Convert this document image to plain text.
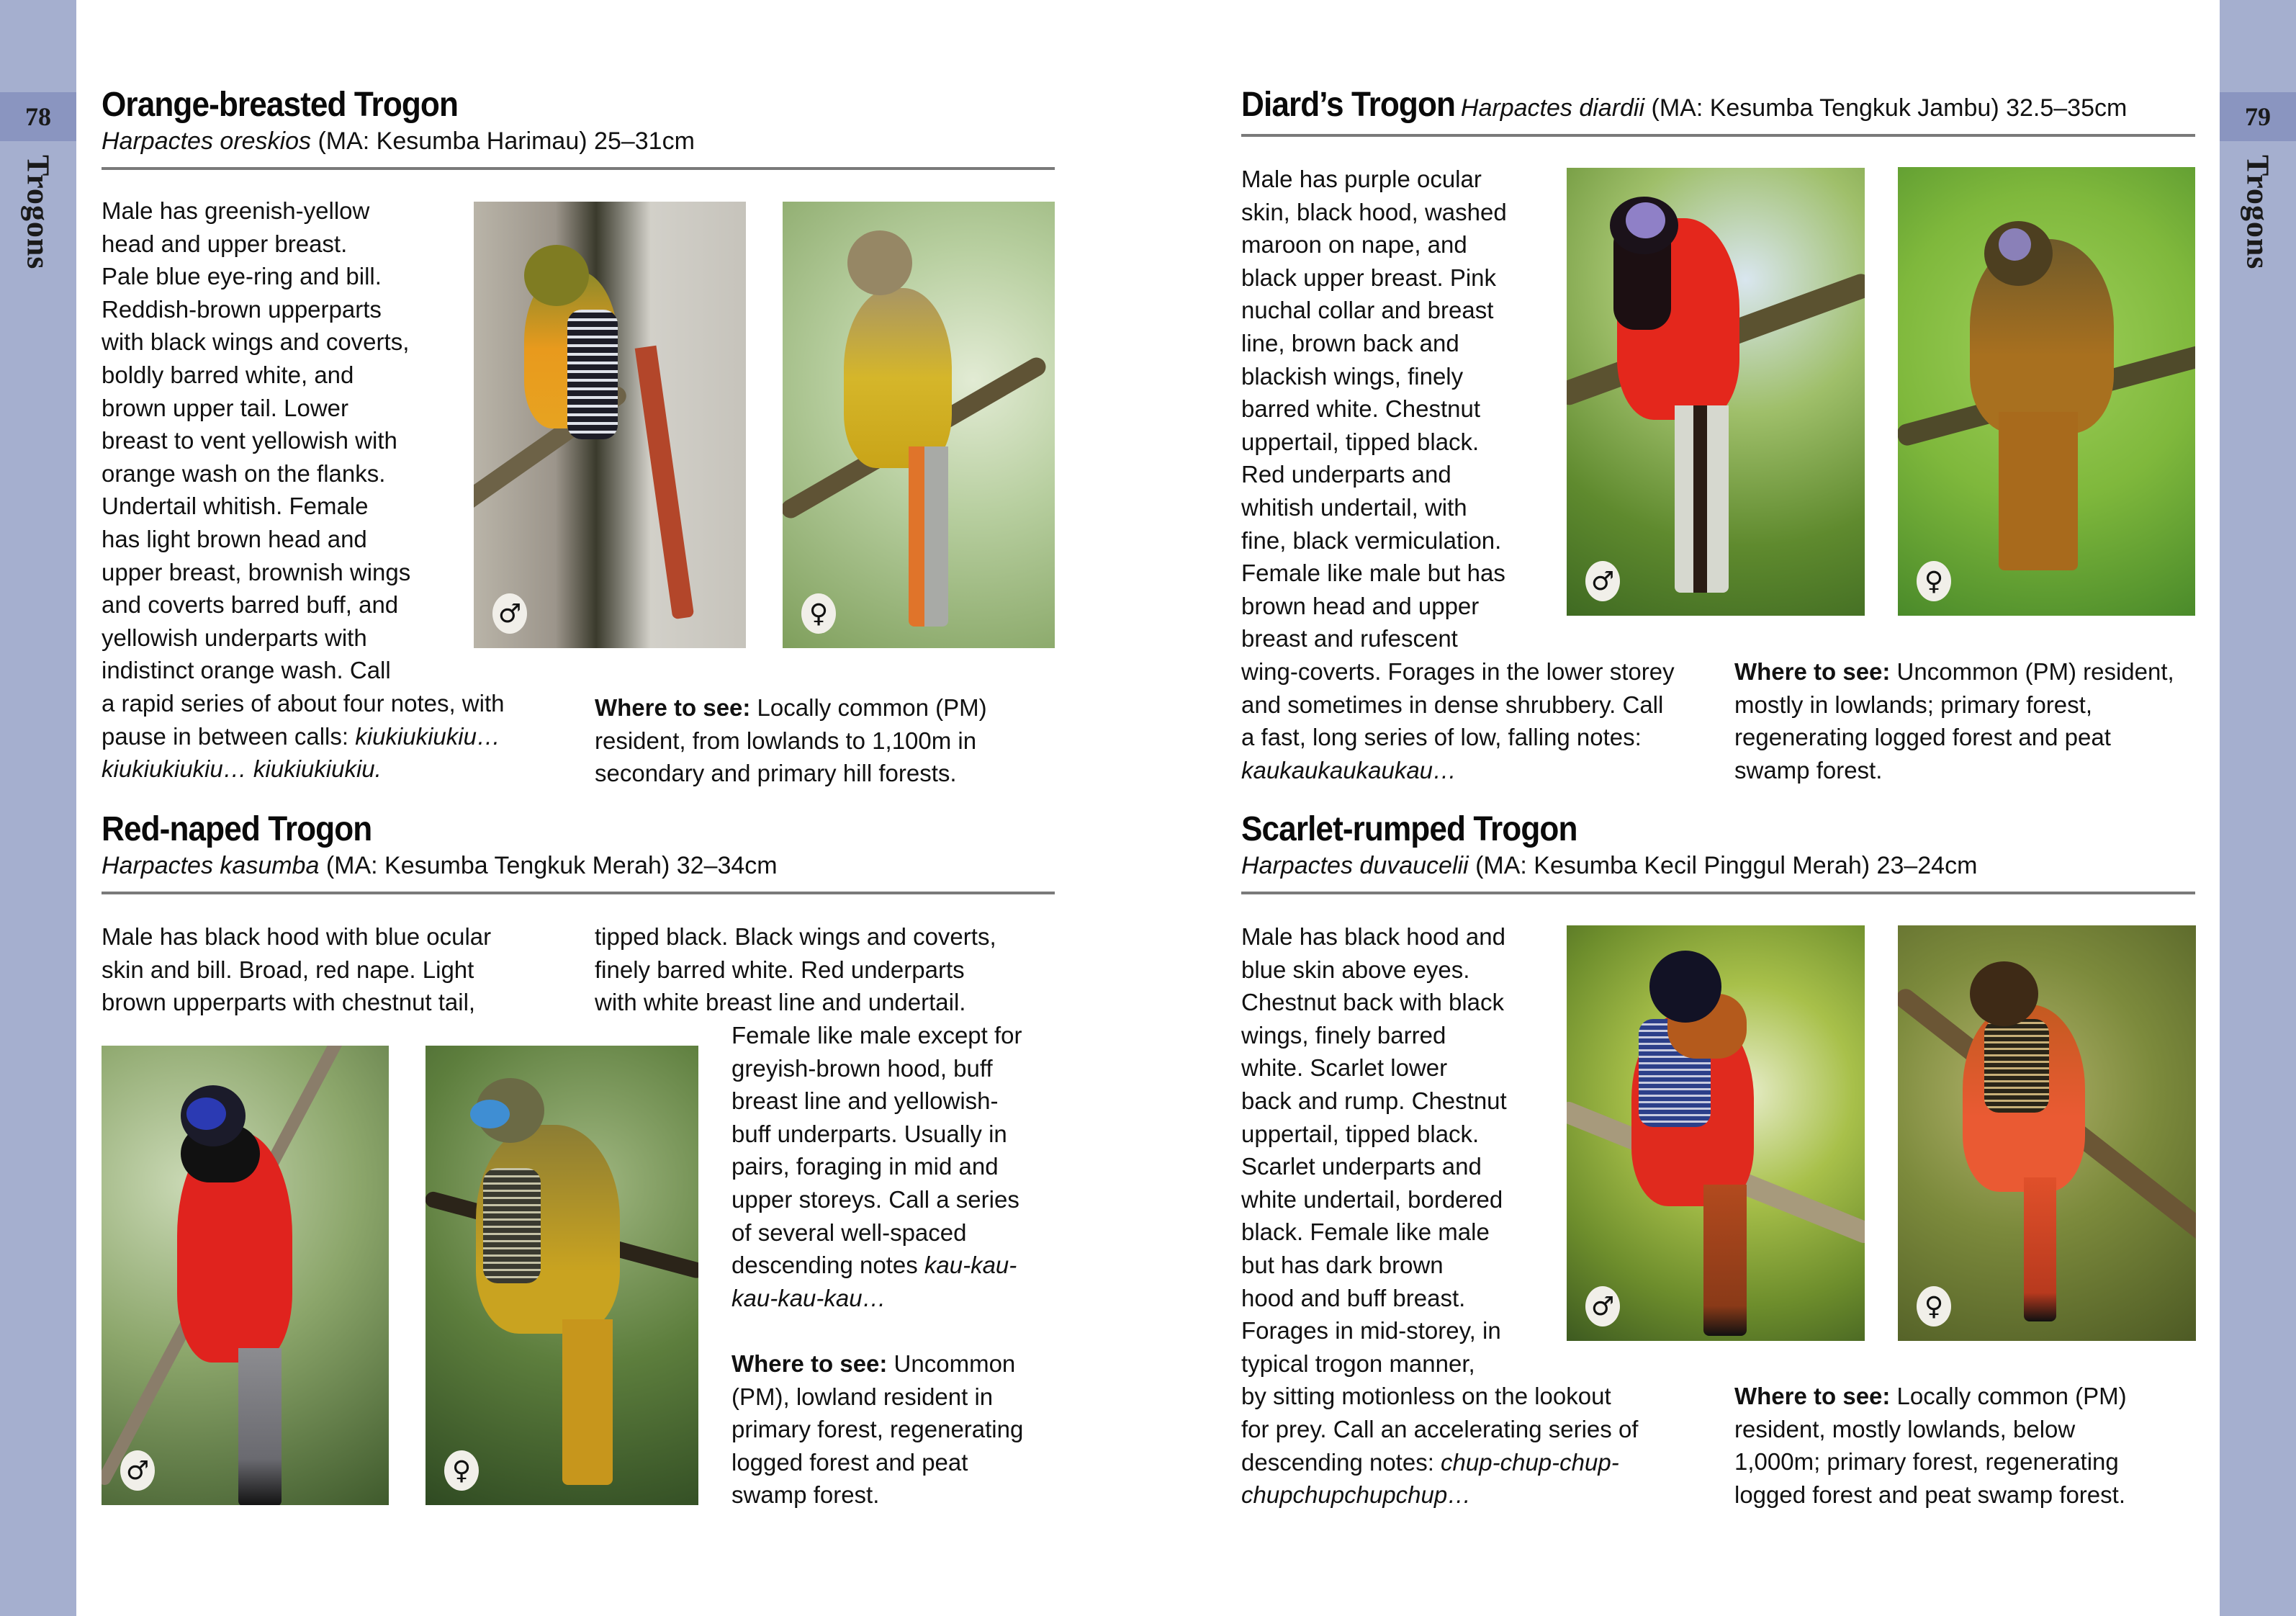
78
Trogons
79
Trogons
Orange-breasted Trogon
Harpactes oreskios (MA: Kesumba Harimau) 25–31cm

Male has greenish-yellow

head and upper breast.

Pale blue eye-ring and bill.

Reddish-brown upperparts

with black wings and coverts,

boldly barred white, and

brown upper tail. Lower

breast to vent yellowish with

orange wash on the flanks.

Undertail whitish. Female

has light brown head and

upper breast, brownish wings

and coverts barred buff, and

yellowish underparts with

indistinct orange wash. Call

a rapid series of about four notes, with

pause in between calls: kiukiukiukiu…

kiukiukiukiu… kiukiukiukiu.

Where to see: Locally common (PM)

resident, from lowlands to 1,100m in

secondary and primary hill forests.

♂	♀
Red-naped Trogon
Harpactes kasumba (MA: Kesumba Tengkuk Merah) 32–34cm

Male has black hood with blue ocular

skin and bill. Broad, red nape. Light

brown upperparts with chestnut tail,

tipped black. Black wings and coverts,

finely barred white. Red underparts

with white breast line and undertail.

Female like male except for

greyish-brown hood, buff

breast line and yellowish-

buff underparts. Usually in

pairs, foraging in mid and

upper storeys. Call a series

of several well-spaced

descending notes kau-kau-

kau-kau-kau…

Where to see: Uncommon

(PM), lowland resident in

primary forest, regenerating

logged forest and peat

swamp forest.

♂	♀
Diard’s Trogon Harpactes diardii (MA: Kesumba Tengkuk Jambu) 32.5–35cm

Male has purple ocular

skin, black hood, washed

maroon on nape, and

black upper breast. Pink

nuchal collar and breast

line, brown back and

blackish wings, finely

barred white. Chestnut

uppertail, tipped black.

Red underparts and

whitish undertail, with

fine, black vermiculation.

Female like male but has

brown head and upper

breast and rufescent

wing-coverts. Forages in the lower storey

and sometimes in dense shrubbery. Call

a fast, long series of low, falling notes:

kaukaukaukaukau…

Where to see: Uncommon (PM) resident,

mostly in lowlands; primary forest,

regenerating logged forest and peat

swamp forest.

♂	♀
Scarlet-rumped Trogon
Harpactes duvaucelii (MA: Kesumba Kecil Pinggul Merah) 23–24cm

Male has black hood and

blue skin above eyes.

Chestnut back with black

wings, finely barred

white. Scarlet lower

back and rump. Chestnut

uppertail, tipped black.

Scarlet underparts and

white undertail, bordered

black. Female like male

but has dark brown

hood and buff breast.

Forages in mid-storey, in

typical trogon manner,

by sitting motionless on the lookout

for prey. Call an accelerating series of

descending notes: chup-chup-chup-

chupchupchupchup…

Where to see: Locally common (PM)

resident, mostly lowlands, below

1,000m; primary forest, regenerating

logged forest and peat swamp forest.

♂	♀
